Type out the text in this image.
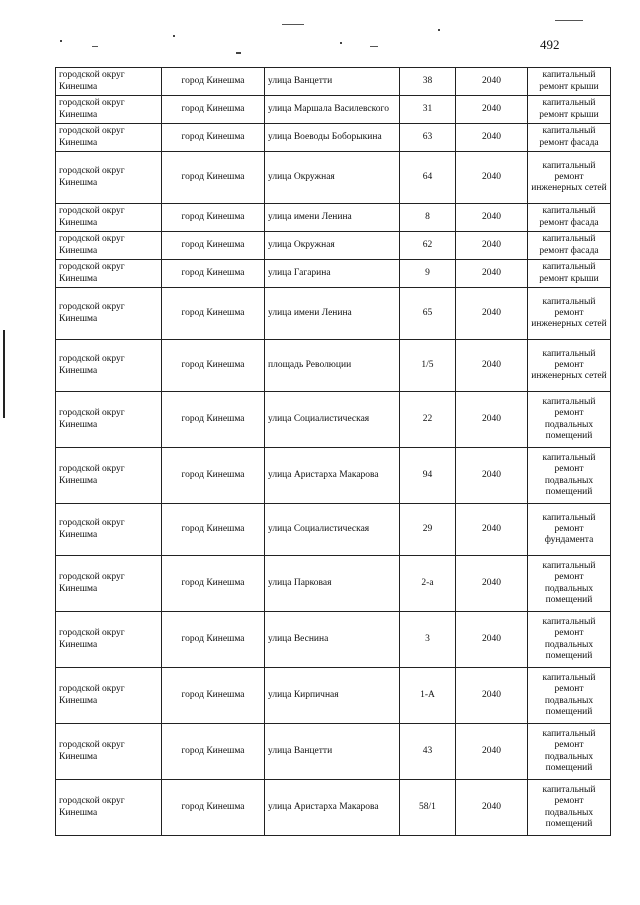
492
городской округ Кинешма	город Кинешма	улица Ванцетти	38	2040	капитальный ремонт крыши
городской округ Кинешма	город Кинешма	улица Маршала Василевского	31	2040	капитальный ремонт крыши
городской округ Кинешма	город Кинешма	улица Воеводы Боборыкина	63	2040	капитальный ремонт фасада
городской округ Кинешма	город Кинешма	улица Окружная	64	2040	капитальный ремонт инженерных сетей
городской округ Кинешма	город Кинешма	улица имени Ленина	8	2040	капитальный ремонт фасада
городской округ Кинешма	город Кинешма	улица Окружная	62	2040	капитальный ремонт фасада
городской округ Кинешма	город Кинешма	улица Гагарина	9	2040	капитальный ремонт крыши
городской округ Кинешма	город Кинешма	улица имени Ленина	65	2040	капитальный ремонт инженерных сетей
городской округ Кинешма	город Кинешма	площадь Революции	1/5	2040	капитальный ремонт инженерных сетей
городской округ Кинешма	город Кинешма	улица Социалистическая	22	2040	капитальный ремонт подвальных помещений
городской округ Кинешма	город Кинешма	улица Аристарха Макарова	94	2040	капитальный ремонт подвальных помещений
городской округ Кинешма	город Кинешма	улица Социалистическая	29	2040	капитальный ремонт фундамента
городской округ Кинешма	город Кинешма	улица Парковая	2-а	2040	капитальный ремонт подвальных помещений
городской округ Кинешма	город Кинешма	улица Веснина	3	2040	капитальный ремонт подвальных помещений
городской округ Кинешма	город Кинешма	улица Кирпичная	1-А	2040	капитальный ремонт подвальных помещений
городской округ Кинешма	город Кинешма	улица Ванцетти	43	2040	капитальный ремонт подвальных помещений
городской округ Кинешма	город Кинешма	улица Аристарха Макарова	58/1	2040	капитальный ремонт подвальных помещений
